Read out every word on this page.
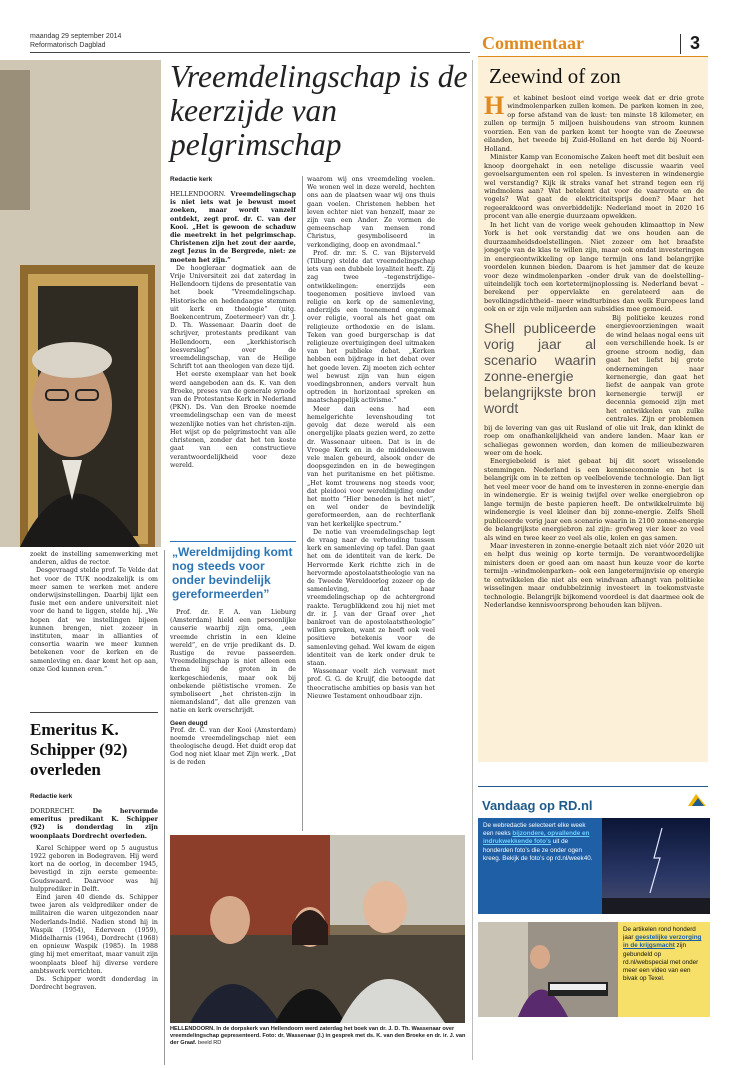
maandag 29 september 2014
Reformatorisch Dagblad	Commentaar	3
Vreemdelingschap is de keerzijde van pelgrimschap
Redactie kerk

HELLENDOORN. Vreemdelingschap is niet iets wat je bewust moet zoeken, maar wordt vanzelf ontdekt, zegt prof. dr. C. van der Kooi. „Het is gewoon de schaduw die meetrekt in het pelgrimschap. Christenen zijn het zout der aarde, zegt Jezus in de Bergrede, niet: ze moeten het zijn.”

De hoogleraar dogmatiek aan de Vrije Universiteit zei dat zaterdag in Hellendoorn tijdens de presentatie van het boek “Vreemdelingschap. Historische en hedendaagse stemmen uit kerk en theologie” (uitg. Boekencentrum, Zoetermeer) van dr. J. D. Th. Wassenaar. Daarin doet de schrijver, protestants predikant van Hellendoorn, een „kerkhistorisch leesverslag” over de vreemdelingschap, van de Heilige Schrift tot aan theologen van deze tijd.

Het eerste exemplaar van het boek werd aangeboden aan ds. K. van den Broeke, preses van de generale synode van de Protestantse Kerk in Nederland (PKN). Ds. Van den Broeke noemde vreemdelingschap een van de meest wezenlijke noties van het christen-zijn. Het wijst op de pelgrimstocht van alle christenen, zonder dat het ten koste gaat van een constructieve verantwoordelijkheid voor deze wereld.

„Wereldmijding komt nog steeds voor onder bevindelijk gereformeerden”

Prof. dr. F. A. van Lieburg (Amsterdam) hield een persoonlijke causerie waarbij zijn oma, „een vreemde christin in een kleine wereld”, en de vrije predikant ds. D. Rustige de revue passeerden. Vreemdelingschap is niet alleen een thema bij de groten in de kerkgeschiedenis, maar ook bij onbekende piëtistische vromen. Ze symboliseert „het christen-zijn in niemandsland”, dat alle grenzen van natie en kerk overschrijdt.

Geen deugd

Prof. dr. C. van der Kooi (Amsterdam) noemde vreemdelingschap niet een theologische deugd. Het duidt erop dat God nog niet klaar met Zijn werk. „Dat is de reden

waarom wij ons vreemdeling voelen. We wonen wel in deze wereld, hechten ons aan de plaatsen waar wij ons thuis gaan voelen. Christenen hebben het leven echter niet van henzelf, maar ze zijn van een Ander. Ze vormen de gemeenschap van mensen rond Christus, gesymboliseerd in verkondiging, doop en avondmaal.”

Prof. dr. mr. S. C. van Bijsterveld (Tilburg) stelde dat vreemdelingschap iets van een dubbele loyaliteit heeft. Zij zag twee –tegenstrijdige– ontwikkelingen: enerzijds een toegenomen positieve invloed van religie en kerk op de samenleving, anderzijds een toenemend ongemak over religie, vooral als het gaat om religieuze orthodoxie en de islam. Teken van goed burgerschap is dat religieuze overtuigingen deel uitmaken van het publieke debat. „Kerken hebben een bijdrage in het debat over het goede leven. Zij moeten zich echter wel bewust zijn van hun eigen voedingsbronnen, anders vervalt hun optreden in horizontaal spreken en maatschappelijk activisme.”

Meer dan eens had een hemelgerichte levenshouding tot gevolg dat deze wereld als een onergelijke plaats gezien werd, zo zette dr. Wassenaar uiteen. Dat is in de Vroege Kerk en in de middeleeuwen vele malen gebeurd, alsook onder de doopsgezinden en in de bewegingen van het puritanisme en het piëtisme. „Het komt trouwens nog steeds voor, dat pleidooi voor wereldmijding onder het motto “Hier beneden is het niet”, en wel onder de bevindelijk gereformeerden, aan de rechterflank van het kerkelijke spectrum.”

De notie van vreemdelingschap legt de vraag naar de verhouding tussen kerk en samenleving op tafel. Dan gaat het om de identiteit van de kerk. De Hervormde Kerk richtte zich in de hervormde apostolaatstheologie van na de Tweede Wereldoorlog zozeer op de samenleving, dat haar vreemdelingschap op de achtergrond raakte. Terugblikkend zou hij niet met dr. ir. J. van der Graaf over „het bankroet van de apostolaatstheologie” willen spreken, want ze heeft ook veel positieve betekenis voor de samenleving gehad. Wel kwam de eigen identiteit van de kerk onder druk te staan.

Wassenaar voelt zich verwant met prof. G. G. de Kruijf, die betoogde dat theocratische ambities op basis van het Nieuwe Testament onhoudbaar zijn.

HELLENDOORN. In de dorpskerk van Hellendoorn werd zaterdag het boek van dr. J. D. Th. Wassenaar over vreemdelingschap gepresenteerd. Foto: dr. Wassenaar (l.) in gesprek met ds. K. van den Broeke en dr. ir. J. van der Graaf. beeld RD

zoekt de instelling samenwerking met anderen, aldus de rector.

Desgevraagd stelde prof. Te Velde dat het voor de TUK noodzakelijk is om meer samen te werken met andere onderwijsinstellingen. Daarbij lijkt een fusie met een andere universiteit niet voor de hand te liggen, stelde hij. „We hopen dat we instellingen bijeen kunnen brengen, niet zozeer in instituten, maar in allianties of consortia waarin we meer kunnen betekenen voor de kerken en de samenleving en. daar komt het op aan, onze God kunnen eren.”

Emeritus K. Schipper (92) overleden
Redactie kerk

DORDRECHT.	De hervormde emeritus predikant K. Schipper (92) is donderdag in zijn woonplaats Dordrecht overleden.

Karel Schipper werd op 5 augustus 1922 geboren in Bodegraven. Hij werd kort na de oorlog, in december 1945, bevestigd in zijn eerste gemeente: Goudswaard. Daarvoor was hij hulpprediker in Delft.

Eind jaren 40 diende ds. Schipper twee jaren als veldprediker onder de militairen die waren uitgezonden naar Nederlands-Indië. Nadien stond hij in Waspik (1954), Ederveen (1959), Middelharnis (1964), Dordrecht (1968) en opnieuw Waspik (1985). In 1988 ging hij met emeritaat, maar vanuit zijn woonplaats bleef hij diverse verdere ambtswerk verrichten.

Ds. Schipper wordt donderdag in Dordrecht begraven.

Zeewind of zon
H	et kabinet besloot eind vorige week dat er drie grote windmolenparken zullen komen. De parken komen in zee, op forse afstand van de kust: ten minste 18 kilometer, en zullen op termijn 5 miljoen huishoudens van stroom kunnen voorzien. Een van de parken komt ter hoogte van de Zeeuwse eilanden, het tweede bij Zuid-Holland en het derde bij Noord-Holland.

Minister Kamp van Economische Zaken heeft met dit besluit een knoop doorgehakt in een netelige discussie waarin veel gevoelsargumenten een rol spelen. Is investeren in windenergie wel verstandig? Kijk ik straks vanaf het strand tegen een rij windmolens aan? Wat betekent dat voor de vaarroute en de vogels? Wat gaat de elektriciteitsprijs doen? Maar het regeerakkoord was onverbiddelijk: Nederland moet in 2020 16 procent van alle energie duurzaam opwekken.

In het licht van de vorige week gehouden klimaattop in New York is het ook verstandig dat we ons houden aan de duurzaamheidsdoelstellingen. Niet zozeer om het braafste jongetje van de klas te willen zijn, maar ook omdat investeringen in energieontwikkeling op lange termijn ons land belangrijke voordelen kunnen bieden. Daarom is het jammer dat de keuze voor deze windmolenparken –onder druk van de doelstelling– uiteindelijk toch een kortetermijnoplossing is. Nederland bevat –berekend per oppervlakte en gerelateerd aan de bevolkingsdichtheid– meer windturbines dan welk Europees land ook en er zijn vele miljarden aan subsidies mee gemoeid.

Shell publiceerde vorig jaar al scenario waarin zonne-energie belangrijkste bron wordt

Bij politieke keuzes rond energievoorzieningen waait de wind helaas nogal eens uit een verschillende hoek. Is er groene stroom nodig, dan gaat het liefst bij grote ondernemingen naar kernenergie, dan gaat het liefst de aanpak van grote kernenergie terwijl er decennia gemoeid zijn met het ontwikkelen van zulke centrales. Zijn er problemen bij de levering van gas uit Rusland of olie uit Irak, dan klinkt de roep om onafhankelijkheid van andere landen. Maar kan er schaliegas gewonnen worden, dan komen de milieubezwaren weer om de hoek.

Energiebeleid is niet gebaat bij dit soort wisselende stemmingen. Nederland is een kenniseconomie en het is belangrijk om in te zetten op veelbelovende technologie. Dan ligt het veel meer voor de hand om te investeren in zonne-energie dan in windenergie. Er is weinig twijfel over welke energiebron op lange termijn de beste papieren heeft. De ontwikkelruimte bij windenergie is veel kleiner dan bij zonne-energie. Zelfs Shell publiceerde vorig jaar een scenario waarin in 2100 zonne-energie de belangrijkste energiebron zal zijn: grofweg vier keer zo veel als wind en twee keer zo veel als olie, kolen en gas samen.

Maar investeren in zonne-energie betaalt zich niet vóór 2020 uit en helpt dus weinig op korte termijn. De verantwoordelijke ministers doen er goed aan om naast hun keuze voor de korte termijn –windmolenparken– ook een langetermijnvisie op energie te ontwikkelen die niet als een windvaan afhangt van politieke wisselingen maar ondubbelzinnig investeert in toekomstvaste technologie. Belangrijk bijkomend voordeel is dat daarmee ook de Nederlandse kennisvoorsprong behouden kan blijven.

Vandaag op RD.nl
De webredactie selecteert elke week een reeks bijzondere, opvallende en indrukwekkende foto’s uit de honderden foto’s die ze onder ogen kreeg. Bekijk de foto’s op rd.nl/week40.
De artikelen rond honderd jaar geestelijke verzorging in de krijgsmacht zijn gebundeld op rd.nl/webspecial met onder meer een video van een bivak op Texel.
